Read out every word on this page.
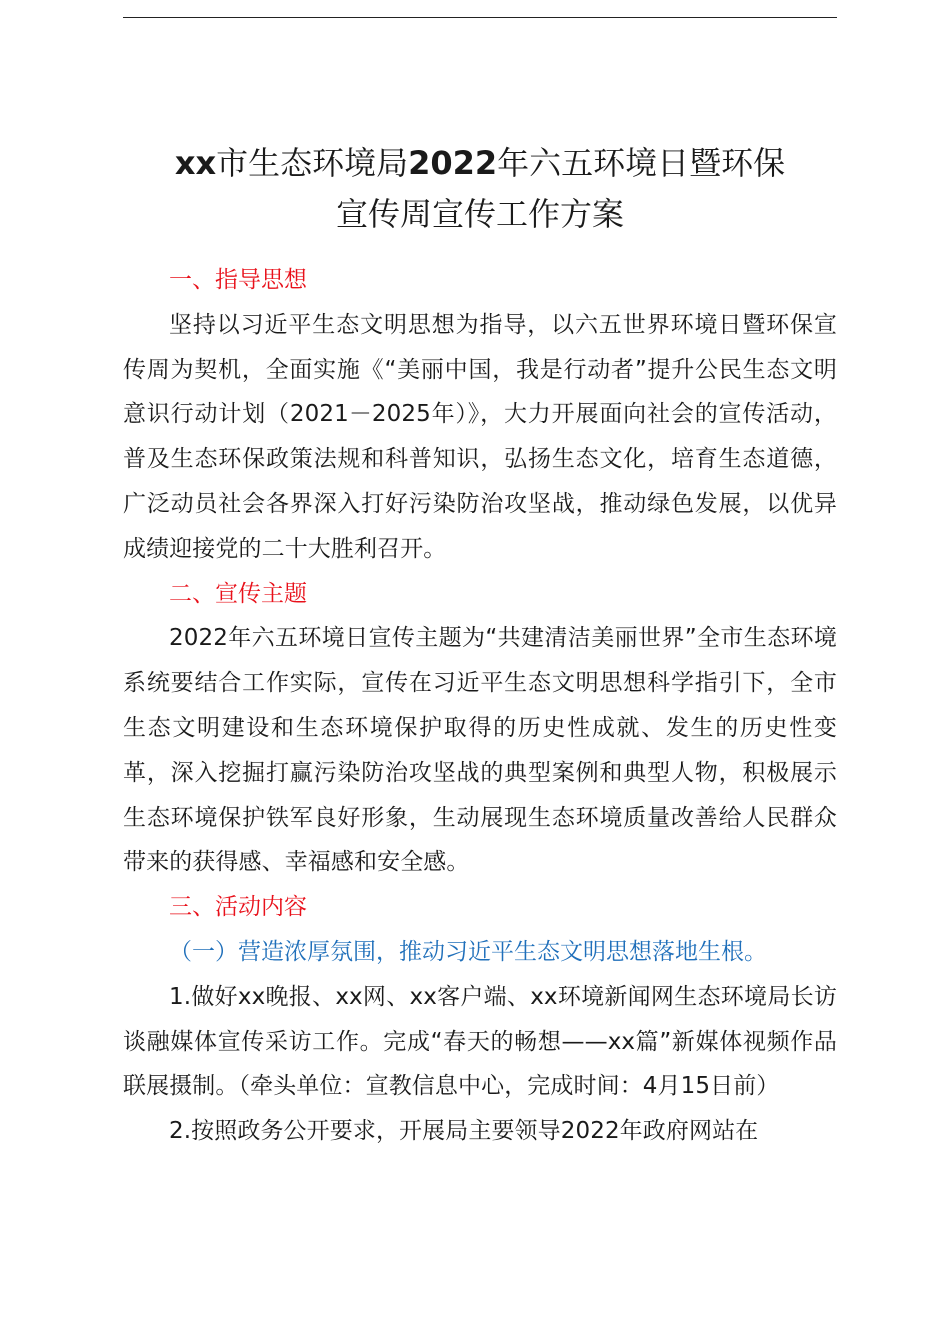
xx市生态环境局2022年六五环境日暨环保
宣传周宣传工作方案

一、指导思想

坚持以习近平生态文明思想为指导，以六五世界环境日暨环保宣传周为契机，全面实施《“美丽中国，我是行动者”提升公民生态文明意识行动计划（2021－2025年）》，大力开展面向社会的宣传活动，普及生态环保政策法规和科普知识，弘扬生态文化，培育生态道德，广泛动员社会各界深入打好污染防治攻坚战，推动绿色发展，以优异成绩迎接党的二十大胜利召开。

二、宣传主题

2022年六五环境日宣传主题为“共建清洁美丽世界”全市生态环境系统要结合工作实际，宣传在习近平生态文明思想科学指引下，全市生态文明建设和生态环境保护取得的历史性成就、发生的历史性变革，深入挖掘打赢污染防治攻坚战的典型案例和典型人物，积极展示生态环境保护铁军良好形象，生动展现生态环境质量改善给人民群众带来的获得感、幸福感和安全感。

三、活动内容

（一）营造浓厚氛围，推动习近平生态文明思想落地生根。

1.做好xx晚报、xx网、xx客户端、xx环境新闻网生态环境局长访谈融媒体宣传采访工作。完成“春天的畅想——xx篇”新媒体视频作品联展摄制。（牵头单位：宣教信息中心，完成时间：4月15日前）

2.按照政务公开要求，开展局主要领导2022年政府网站在
